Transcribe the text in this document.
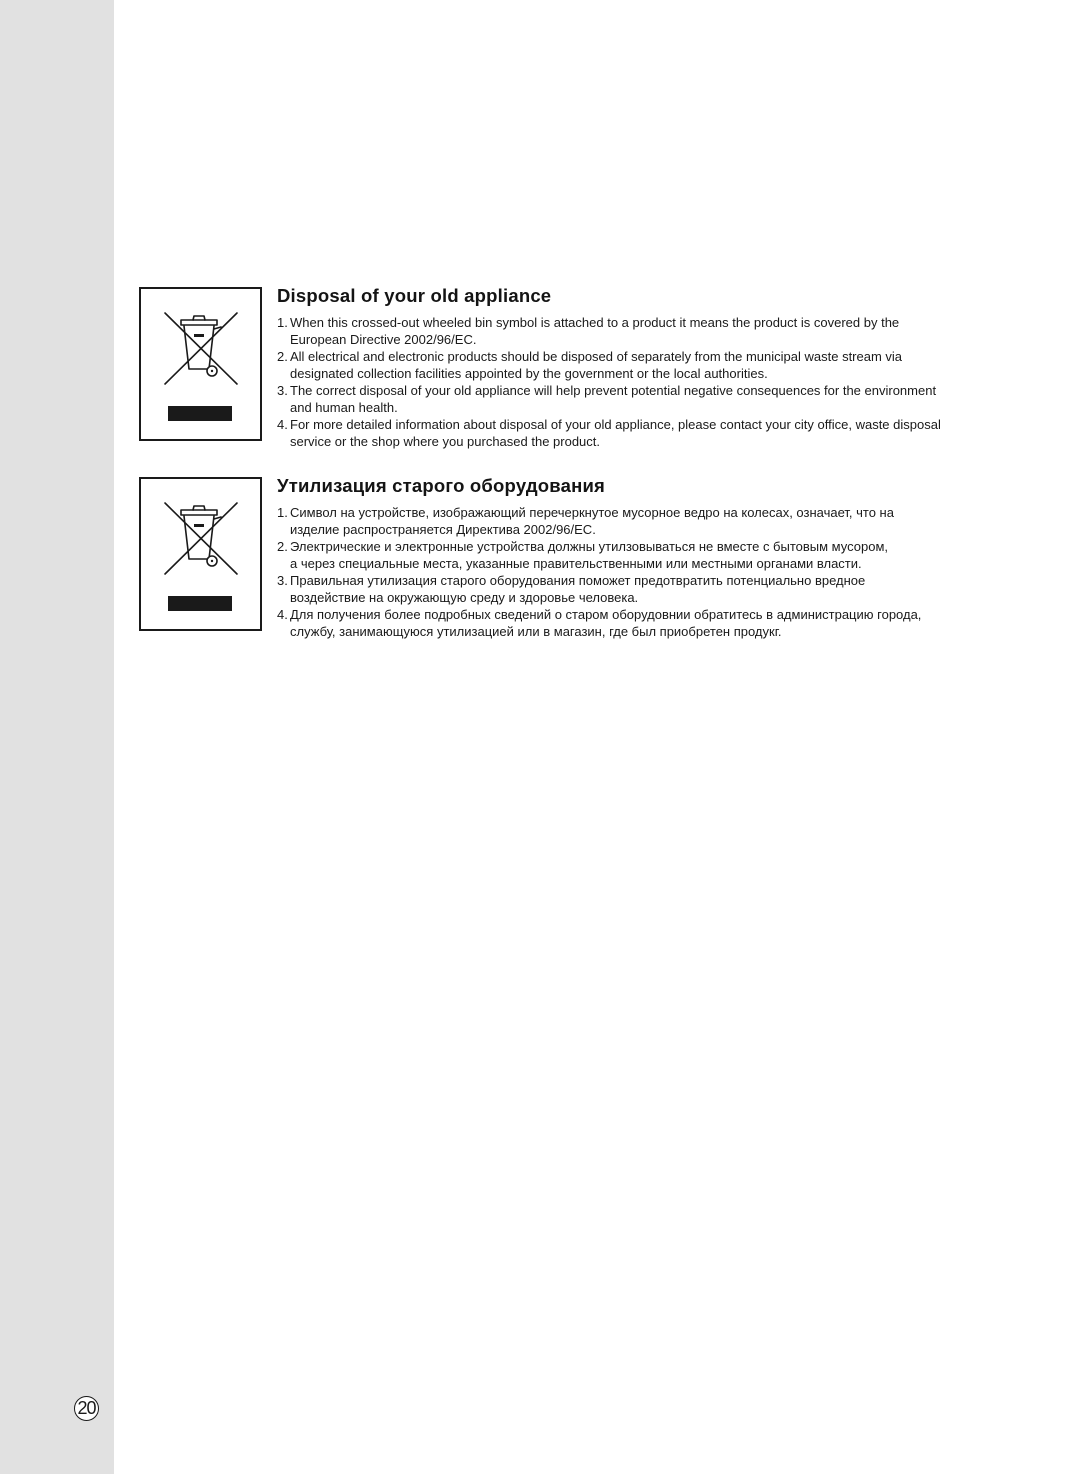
20
Disposal of your old appliance
1. When this crossed-out wheeled bin symbol is attached to a product it means the product is covered by the
European Directive 2002/96/EC.
2. All electrical and electronic products should be disposed of separately from the municipal waste stream via
designated collection facilities appointed by the government or the local authorities.
3. The correct disposal of your old appliance will help prevent potential negative consequences for the environment
and human health.
4. For more detailed information about disposal of your old appliance, please contact your city office, waste disposal
service or the shop where you purchased the product.
Утилизация старого оборудования
1. Символ на устройстве, изображающий перечеркнутое мусорное ведро на колесах, означает, что на
изделие распространяется Директива 2002/96/EC.
2. Электрические и электронные устройства должны утилзовываться не вместе с бытовым мусором,
а через специальные места, указанные правительственными или местными органами власти.
3. Правильная утилизация старого оборудования поможет предотвратить потенциально вредное
воздействие на окружающую среду и здоровье человека.
4. Для получения более подробных сведений о старом оборудовнии обратитесь в администрацию города,
службу, занимающуюся утилизацией или в магазин, где был приобретен продукг.
